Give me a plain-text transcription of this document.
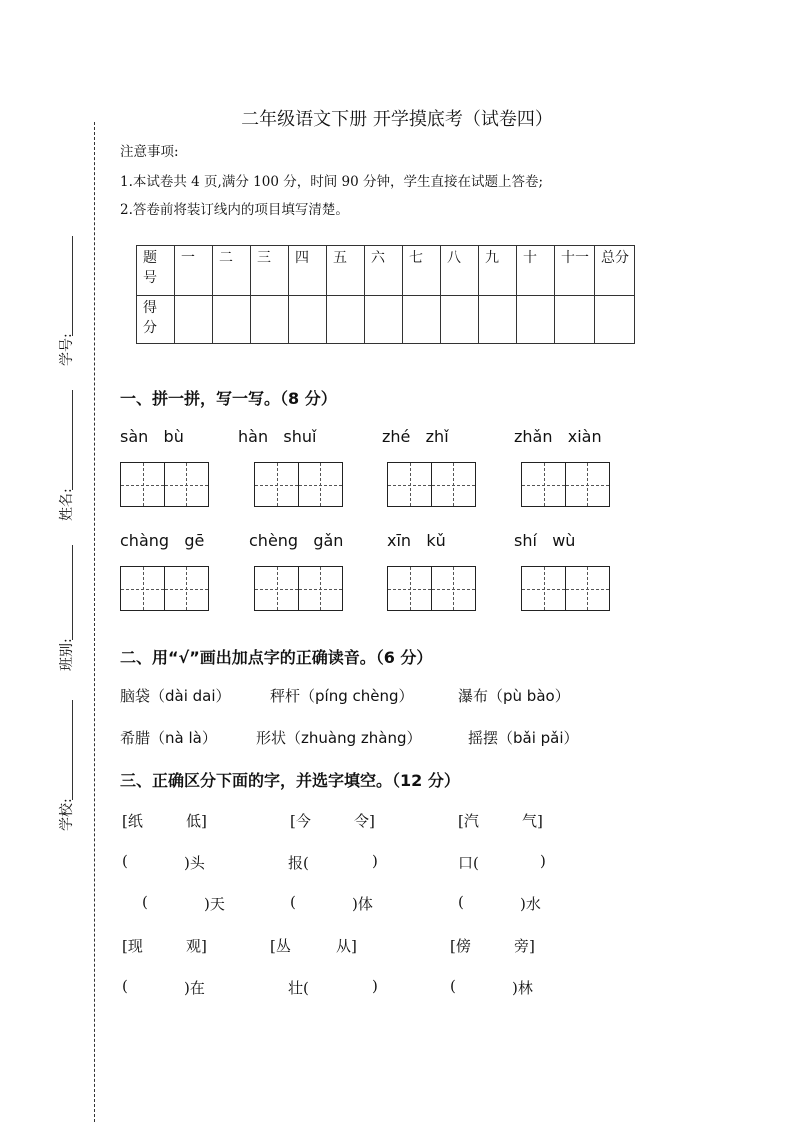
学号:
姓名:
班别:
学校:
二年级语文下册 开学摸底考（试卷四）
注意事项:
1.本试卷共 4 页,满分 100 分，时间 90 分钟，学生直接在试题上答卷;
2.答卷前将装订线内的项目填写清楚。
题
号	一	二	三	四	五	六	七	八	九	十	十一	总分
得
分												
一、拼一拼，写一写。（8 分）
sàn bù	hàn shuǐ	zhé zhǐ	zhǎn xiàn
chàng gē	chèng gǎn	xīn kǔ	shí wù
二、用“√”画出加点字的正确读音。（6 分）
脑袋（dài dai）	秤杆（píng chèng）	瀑布（pù bào）
希腊（nà là）	形状（zhuàng zhàng）	摇摆（bǎi pǎi）
三、正确区分下面的字，并选字填空。（12 分）
[纸	低]	[今	令]	[汽	气]
(	)头	报(	)	口(	)
(	)天	(	)体	(	)水
[现	观]	[丛	从]	[傍	旁]
(	)在	壮(	)	(	)林
